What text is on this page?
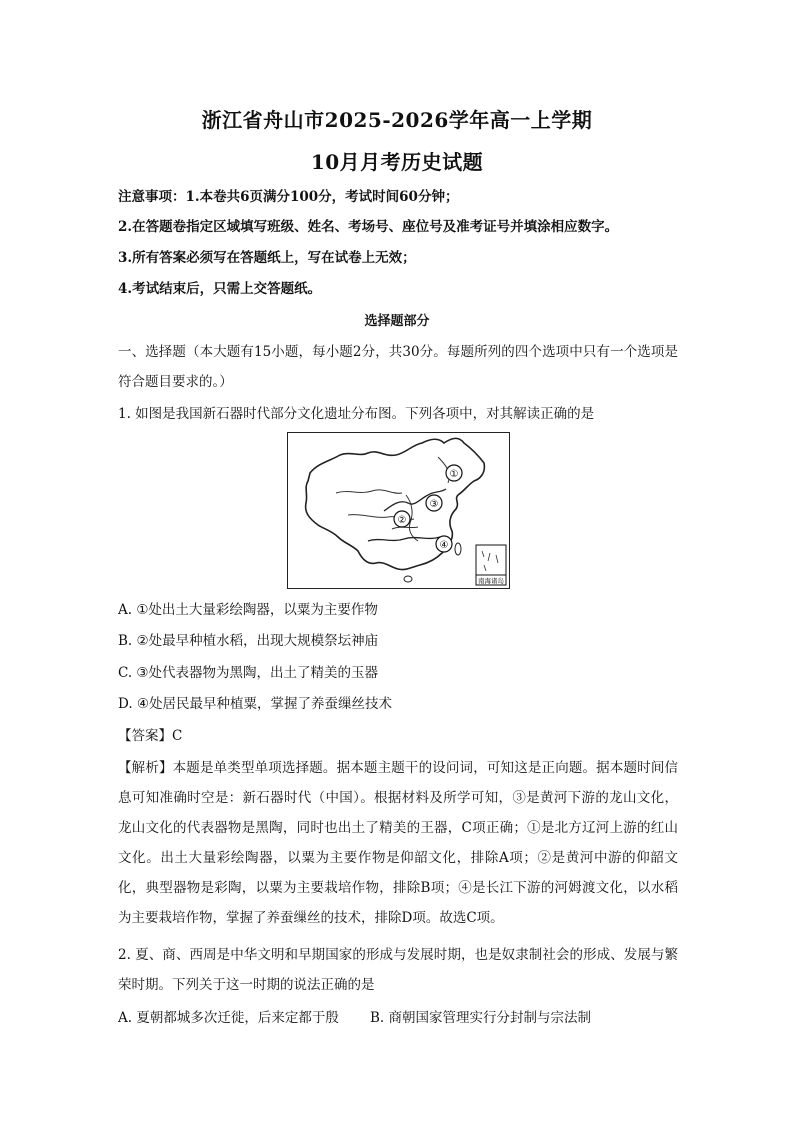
浙江省舟山市2025-2026学年高一上学期
10月月考历史试题
注意事项：1.本卷共6页满分100分，考试时间60分钟；
2.在答题卷指定区域填写班级、姓名、考场号、座位号及准考证号并填涂相应数字。
3.所有答案必须写在答题纸上，写在试卷上无效；
4.考试结束后，只需上交答题纸。
选择题部分
一、选择题（本大题有15小题，每小题2分，共30分。每题所列的四个选项中只有一个选项是符合题目要求的。）
1. 如图是我国新石器时代部分文化遗址分布图。下列各项中，对其解读正确的是
①
③
②
④
南海诸岛
A. ①处出土大量彩绘陶器，以粟为主要作物
B. ②处最早种植水稻，出现大规模祭坛神庙
C. ③处代表器物为黑陶，出土了精美的玉器
D. ④处居民最早种植粟，掌握了养蚕缫丝技术
【答案】C
【解析】本题是单类型单项选择题。据本题主题干的设问词，可知这是正向题。据本题时间信息可知准确时空是：新石器时代（中国）。根据材料及所学可知，③是黄河下游的龙山文化，龙山文化的代表器物是黑陶，同时也出土了精美的王器，C项正确；①是北方辽河上游的红山文化。出土大量彩绘陶器，以粟为主要作物是仰韶文化，排除A项；②是黄河中游的仰韶文化，典型器物是彩陶，以粟为主要栽培作物，排除B项；④是长江下游的河姆渡文化，以水稻为主要栽培作物，掌握了养蚕缫丝的技术，排除D项。故选C项。
2. 夏、商、西周是中华文明和早期国家的形成与发展时期，也是奴隶制社会的形成、发展与繁荣时期。下列关于这一时期的说法正确的是
A. 夏朝都城多次迁徙，后来定都于殷	B. 商朝国家管理实行分封制与宗法制
